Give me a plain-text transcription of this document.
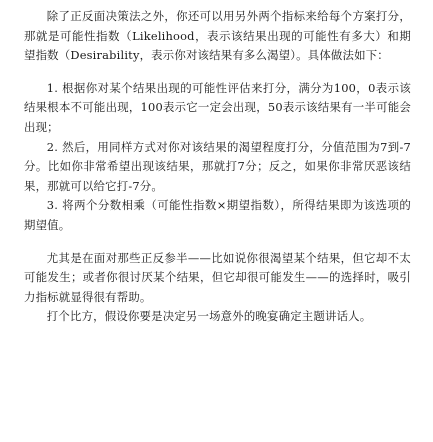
除了正反面决策法之外，你还可以用另外两个指标来给每个方案打分，那就是可能性指数（Likelihood，表示该结果出现的可能性有多大）和期望指数（Desirability，表示你对该结果有多么渴望）。具体做法如下：

1. 根据你对某个结果出现的可能性评估来打分，满分为100，0表示该结果根本不可能出现，100表示它一定会出现，50表示该结果有一半可能会出现；
2. 然后，用同样方式对你对该结果的渴望程度打分，分值范围为7到-7分。比如你非常希望出现该结果，那就打7分；反之，如果你非常厌恶该结果，那就可以给它打-7分。
3. 将两个分数相乘（可能性指数×期望指数），所得结果即为该选项的期望值。

尤其是在面对那些正反参半——比如说你很渴望某个结果，但它却不太可能发生；或者你很讨厌某个结果，但它却很可能发生——的选择时，吸引力指标就显得很有帮助。

打个比方，假设你要是决定另一场意外的晚宴确定主题讲话人。
